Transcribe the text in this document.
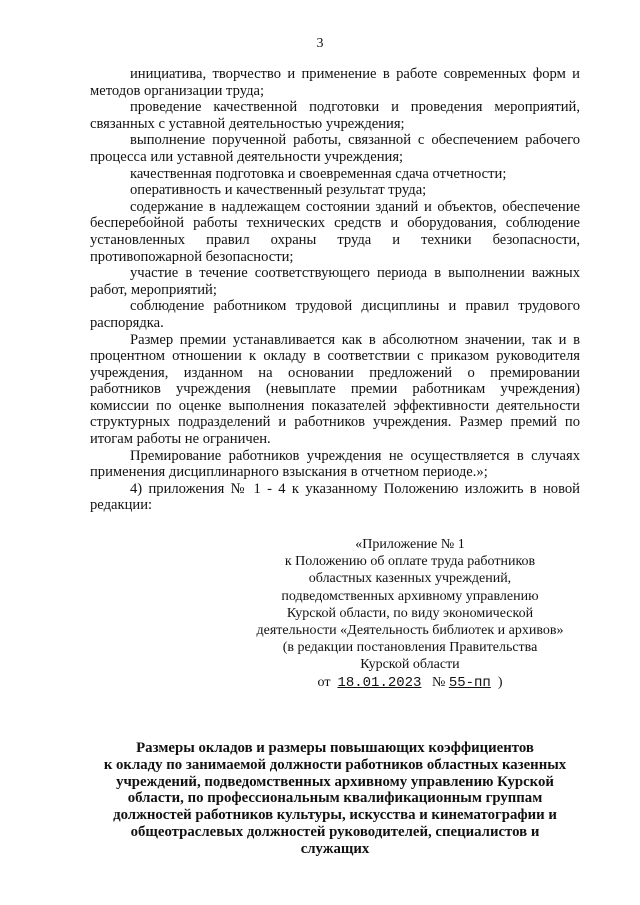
3

инициатива, творчество и применение в работе современных форм и методов организации труда;

проведение качественной подготовки и проведения мероприятий, связанных с уставной деятельностью учреждения;

выполнение порученной работы, связанной с обеспечением рабочего процесса или уставной деятельности учреждения;

качественная подготовка и своевременная сдача отчетности;

оперативность и качественный результат труда;

содержание в надлежащем состоянии зданий и объектов, обеспечение бесперебойной работы технических средств и оборудования, соблюдение установленных правил охраны труда и техники безопасности, противопожарной безопасности;

участие в течение соответствующего периода в выполнении важных работ, мероприятий;

соблюдение работником трудовой дисциплины и правил трудового распорядка.

Размер премии устанавливается как в абсолютном значении, так и в процентном отношении к окладу в соответствии с приказом руководителя учреждения, изданном на основании предложений о премировании работников учреждения (невыплате премии работникам учреждения) комиссии по оценке выполнения показателей эффективности деятельности структурных подразделений и работников учреждения. Размер премий по итогам работы не ограничен.

Премирование работников учреждения не осуществляется в случаях применения дисциплинарного взыскания в отчетном периоде.»;

4) приложения № 1 - 4 к указанному Положению изложить в новой редакции:

«Приложение № 1
к Положению об оплате труда работников
областных казенных учреждений,
подведомственных архивному управлению
Курской области, по виду экономической
деятельности «Деятельность библиотек и архивов»
(в редакции постановления Правительства
Курской области
от 18.01.2023 № 55-пп )
Размеры окладов и размеры повышающих коэффициентов
к окладу по занимаемой должности работников областных казенных
учреждений, подведомственных архивному управлению Курской
области, по профессиональным квалификационным группам
должностей работников культуры, искусства и кинематографии и
общеотраслевых должностей руководителей, специалистов и
служащих
